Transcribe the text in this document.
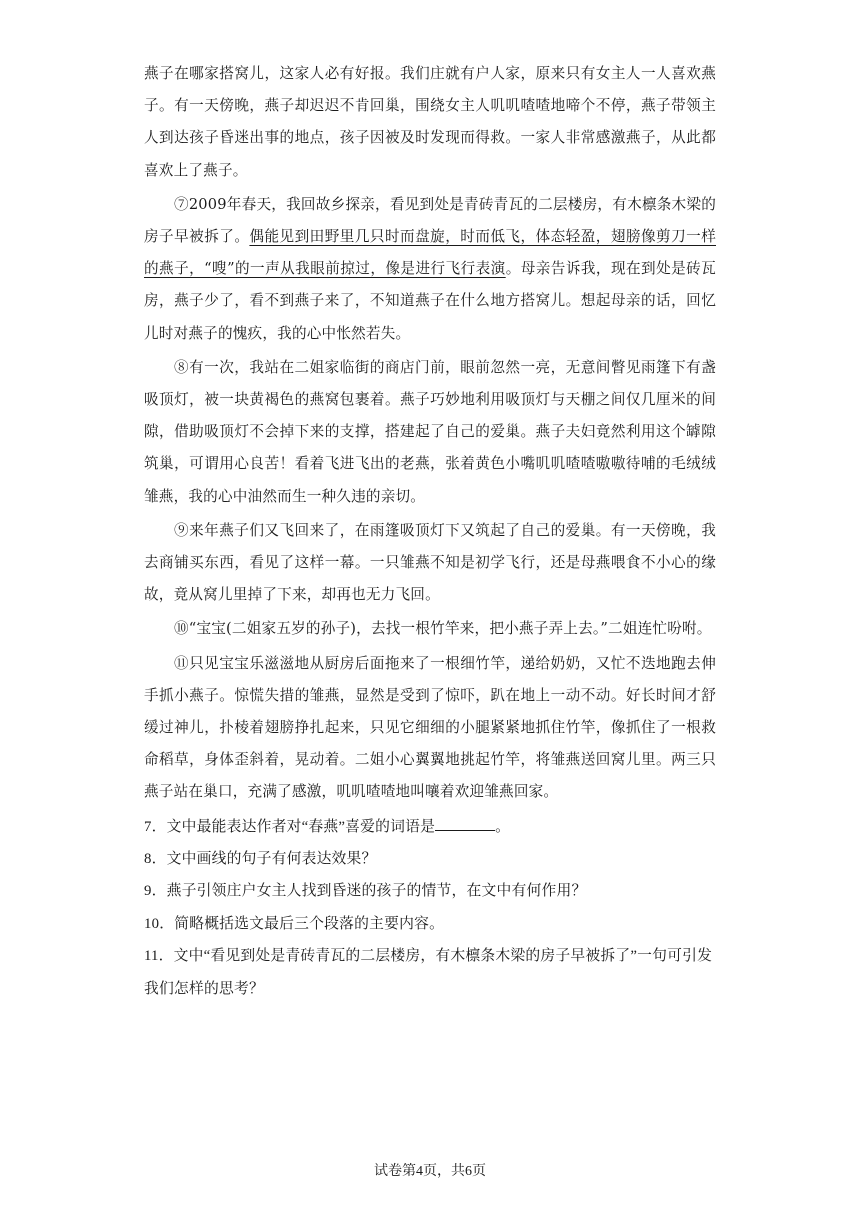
燕子在哪家搭窝儿，这家人必有好报。我们庄就有户人家，原来只有女主人一人喜欢燕子。有一天傍晚，燕子却迟迟不肯回巢，围绕女主人叽叽喳喳地啼个不停，燕子带领主人到达孩子昏迷出事的地点，孩子因被及时发现而得救。一家人非常感激燕子，从此都喜欢上了燕子。

⑦2009年春天，我回故乡探亲，看见到处是青砖青瓦的二层楼房，有木檩条木梁的房子早被拆了。偶能见到田野里几只时而盘旋，时而低飞，体态轻盈，翅膀像剪刀一样的燕子，“嗖”的一声从我眼前掠过，像是进行飞行表演。母亲告诉我，现在到处是砖瓦房，燕子少了，看不到燕子来了，不知道燕子在什么地方搭窝儿。想起母亲的话，回忆儿时对燕子的愧疚，我的心中怅然若失。

⑧有一次，我站在二姐家临街的商店门前，眼前忽然一亮，无意间瞥见雨篷下有盏吸顶灯，被一块黄褐色的燕窝包裹着。燕子巧妙地利用吸顶灯与天棚之间仅几厘米的间隙，借助吸顶灯不会掉下来的支撑，搭建起了自己的爱巢。燕子夫妇竟然利用这个罅隙筑巢，可谓用心良苦！看着飞进飞出的老燕，张着黄色小嘴叽叽喳喳嗷嗷待哺的毛绒绒雏燕，我的心中油然而生一种久违的亲切。

⑨来年燕子们又飞回来了，在雨篷吸顶灯下又筑起了自己的爱巢。有一天傍晚，我去商铺买东西，看见了这样一幕。一只雏燕不知是初学飞行，还是母燕喂食不小心的缘故，竟从窝儿里掉了下来，却再也无力飞回。

⑩“宝宝(二姐家五岁的孙子)，去找一根竹竿来，把小燕子弄上去。”二姐连忙吩咐。

⑪只见宝宝乐滋滋地从厨房后面拖来了一根细竹竿，递给奶奶，又忙不迭地跑去伸手抓小燕子。惊慌失措的雏燕，显然是受到了惊吓，趴在地上一动不动。好长时间才舒缓过神儿，扑棱着翅膀挣扎起来，只见它细细的小腿紧紧地抓住竹竿，像抓住了一根救命稻草，身体歪斜着，晃动着。二姐小心翼翼地挑起竹竿，将雏燕送回窝儿里。两三只燕子站在巢口，充满了感激，叽叽喳喳地叫嚷着欢迎雏燕回家。

7．文中最能表达作者对“春燕”喜爱的词语是	。

8．文中画线的句子有何表达效果？

9．燕子引领庄户女主人找到昏迷的孩子的情节，在文中有何作用？

10．简略概括选文最后三个段落的主要内容。

11．文中“看见到处是青砖青瓦的二层楼房，有木檩条木梁的房子早被拆了”一句可引发我们怎样的思考？

试卷第4页，共6页
